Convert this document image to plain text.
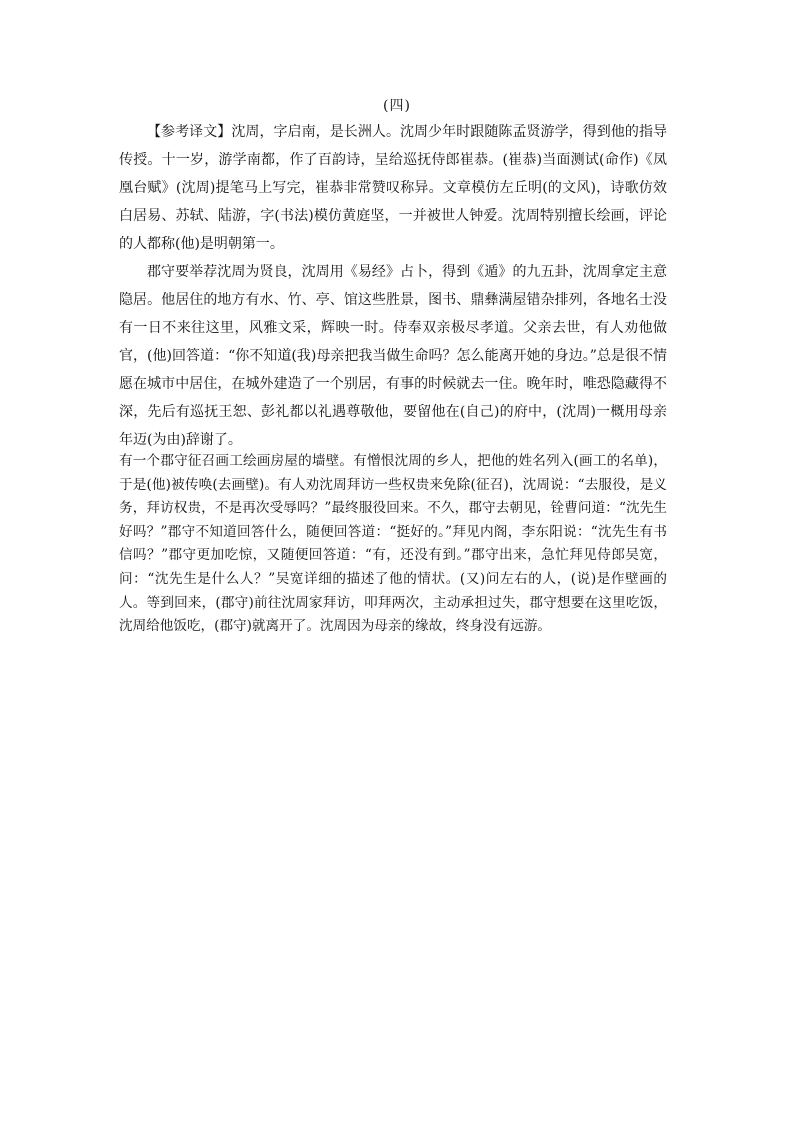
(四)

【参考译文】沈周，字启南，是长洲人。沈周少年时跟随陈孟贤游学，得到他的指导传授。十一岁，游学南都，作了百韵诗，呈给巡抚侍郎崔恭。(崔恭)当面测试(命作)《凤凰台赋》(沈周)提笔马上写完，崔恭非常赞叹称异。文章模仿左丘明(的文风)，诗歌仿效白居易、苏轼、陆游，字(书法)模仿黄庭坚，一并被世人钟爱。沈周特别擅长绘画，评论的人都称(他)是明朝第一。

郡守要举荐沈周为贤良，沈周用《易经》占卜，得到《遁》的九五卦，沈周拿定主意隐居。他居住的地方有水、竹、亭、馆这些胜景，图书、鼎彝满屋错杂排列，各地名士没有一日不来往这里，风雅文采，辉映一时。侍奉双亲极尽孝道。父亲去世，有人劝他做官，(他)回答道：“你不知道(我)母亲把我当做生命吗？怎么能离开她的身边。”总是很不情愿在城市中居住，在城外建造了一个别居，有事的时候就去一住。晚年时，唯恐隐藏得不深，先后有巡抚王恕、彭礼都以礼遇尊敬他，要留他在(自己)的府中，(沈周)一概用母亲年迈(为由)辞谢了。

有一个郡守征召画工绘画房屋的墙壁。有憎恨沈周的乡人，把他的姓名列入(画工的名单)，于是(他)被传唤(去画壁)。有人劝沈周拜访一些权贵来免除(征召)，沈周说：“去服役，是义务，拜访权贵，不是再次受辱吗？”最终服役回来。不久，郡守去朝见，铨曹问道：“沈先生好吗？”郡守不知道回答什么，随便回答道：“挺好的。”拜见内阁，李东阳说：“沈先生有书信吗？”郡守更加吃惊，又随便回答道：“有，还没有到。”郡守出来，急忙拜见侍郎吴宽，问：“沈先生是什么人？”吴宽详细的描述了他的情状。(又)问左右的人，(说)是作壁画的人。等到回来，(郡守)前往沈周家拜访，叩拜两次，主动承担过失，郡守想要在这里吃饭，沈周给他饭吃，(郡守)就离开了。沈周因为母亲的缘故，终身没有远游。
